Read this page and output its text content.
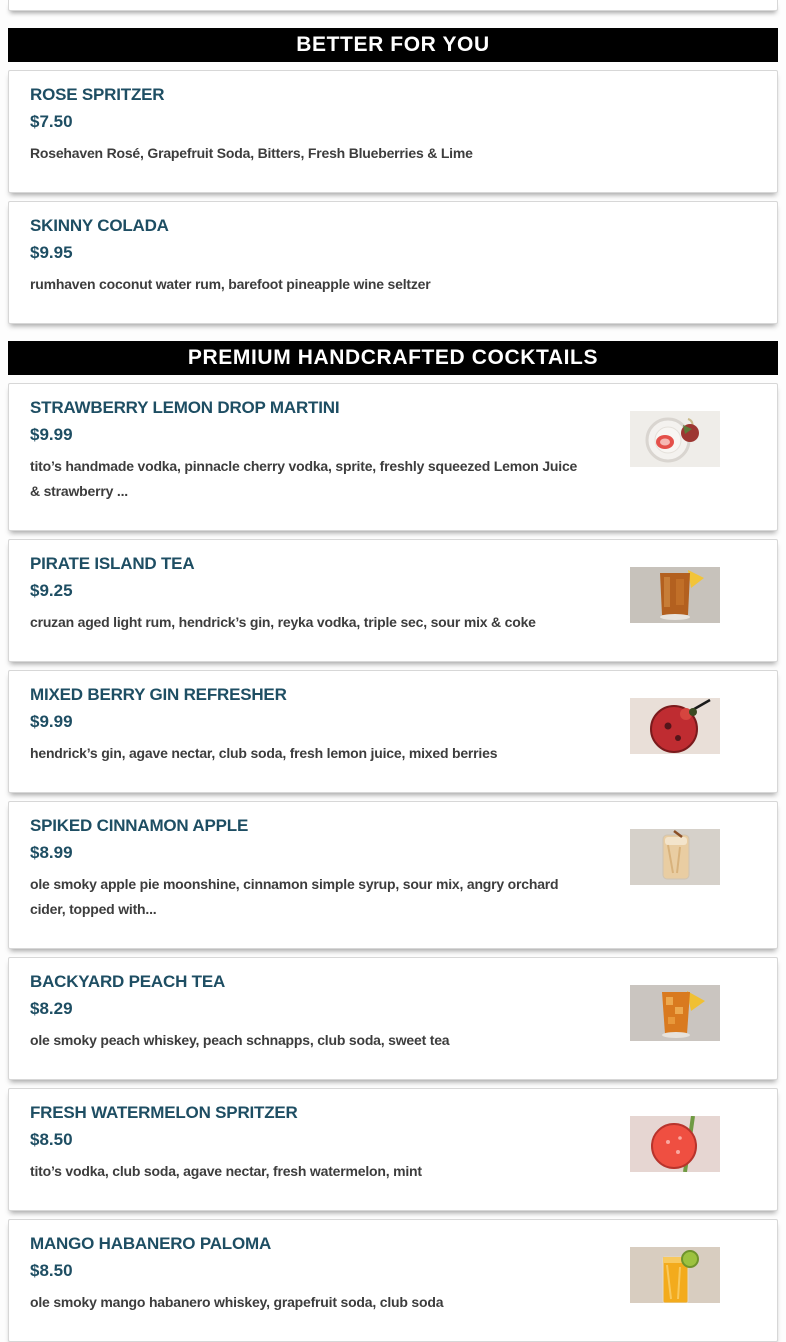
BETTER FOR YOU
ROSE SPRITZER
$7.50
Rosehaven Rosé, Grapefruit Soda, Bitters, Fresh Blueberries & Lime
SKINNY COLADA
$9.95
rumhaven coconut water rum, barefoot pineapple wine seltzer
PREMIUM HANDCRAFTED COCKTAILS
STRAWBERRY LEMON DROP MARTINI
$9.99
tito’s handmade vodka, pinnacle cherry vodka, sprite, freshly squeezed Lemon Juice & strawberry ...
PIRATE ISLAND TEA
$9.25
cruzan aged light rum, hendrick’s gin, reyka vodka, triple sec, sour mix & coke
MIXED BERRY GIN REFRESHER
$9.99
hendrick’s gin, agave nectar, club soda, fresh lemon juice, mixed berries
SPIKED CINNAMON APPLE
$8.99
ole smoky apple pie moonshine, cinnamon simple syrup, sour mix, angry orchard cider, topped with...
BACKYARD PEACH TEA
$8.29
ole smoky peach whiskey, peach schnapps, club soda, sweet tea
FRESH WATERMELON SPRITZER
$8.50
tito’s vodka, club soda, agave nectar, fresh watermelon, mint
MANGO HABANERO PALOMA
$8.50
ole smoky mango habanero whiskey, grapefruit soda, club soda
